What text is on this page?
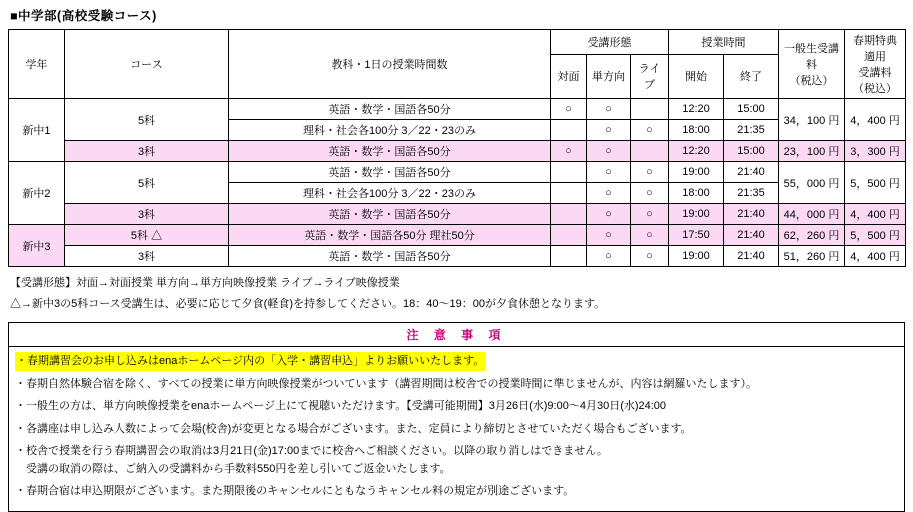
■中学部(高校受験コース)
学年	コース	教科・1日の授業時間数	受講形態			授業時間		一般生受講料
（税込）	春期特典適用
受講料（税込）
			対面	単方向	ライブ	開始	終了		
新中1	5科	英語・数学・国語各50分	○	○		12:20	15:00	34，100 円	4，400 円
		理科・社会各100分 3／22・23のみ		○	○	18:00	21:35		
	3科	英語・数学・国語各50分	○	○		12:20	15:00	23，100 円	3，300 円
新中2	5科	英語・数学・国語各50分		○	○	19:00	21:40	55，000 円	5，500 円
		理科・社会各100分 3／22・23のみ		○	○	18:00	21:35		
	3科	英語・数学・国語各50分		○	○	19:00	21:40	44，000 円	4，400 円
新中3	5科 △	英語・数学・国語各50分 理社50分		○	○	17:50	21:40	62，260 円	5，500 円
	3科	英語・数学・国語各50分		○	○	19:00	21:40	51，260 円	4，400 円
【受講形態】対面→対面授業 単方向→単方向映像授業 ライブ→ライブ映像授業
△→新中3の5科コース受講生は、必要に応じて夕食(軽食)を持参してください。18：40～19：00が夕食休憩となります。
注 意 事 項

・春期講習会のお申し込みはenaホームページ内の「入学・講習申込」よりお願いいたします。

・春期自然体験合宿を除く、すべての授業に単方向映像授業がついています（講習期間は校舎での授業時間に準じませんが、内容は網羅いたします）。

・一般生の方は、単方向映像授業をenaホームページ上にて視聴いただけます。【受講可能期間】3月26日(水)9:00～4月30日(水)24:00

・各講座は申し込み人数によって会場(校舎)が変更となる場合がございます。また、定員により締切とさせていただく場合もございます。

・校舎で授業を行う春期講習会の取消は3月21日(金)17:00までに校舎へご相談ください。以降の取り消しはできません。

受講の取消の際は、ご納入の受講料から手数料550円を差し引いてご返金いたします。

・春期合宿は申込期限がございます。また期限後のキャンセルにともなうキャンセル料の規定が別途ございます。
